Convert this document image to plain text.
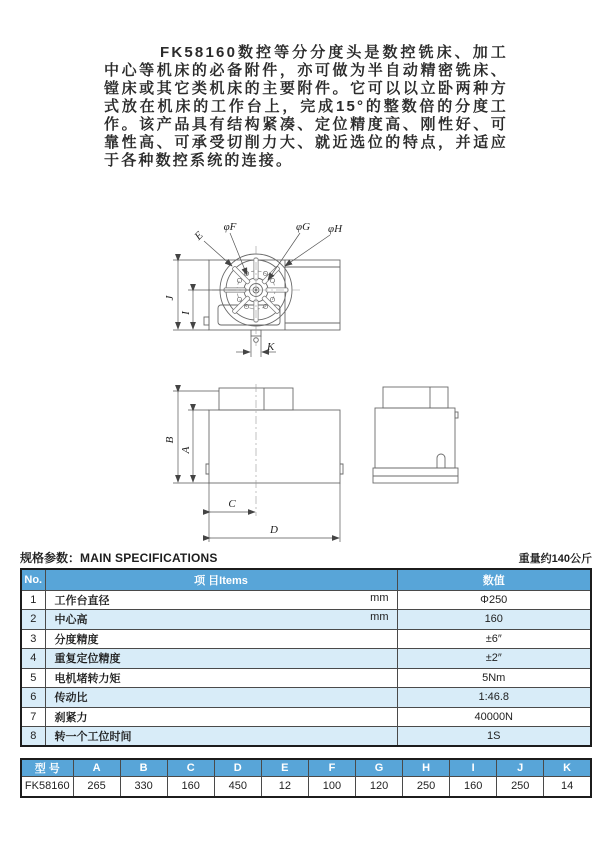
FK58160数控等分分度头是数控铣床、加工中心等机床的必备附件，亦可做为半自动精密铣床、镗床或其它类机床的主要附件。它可以以立卧两种方式放在机床的工作台上，完成15°的整数倍的分度工作。该产品具有结构紧凑、定位精度高、刚性好、可靠性高、可承受切削力大、就近选位的特点，并适应于各种数控系统的连接。

E
φF	φG φH
J
I
K
B
A
C
D
规格参数：MAIN SPECIFICATIONS	重量约140公斤
No.	项 目Items	数值
1	工作台直径 mm	Φ250
2	中心高 mm	160
3	分度精度	±6″
4	重复定位精度	±2″
5	电机堵转力矩	5Nm
6	传动比	1:46.8
7	刹紧力	40000N
8	转一个工位时间	1S
型 号	A	B	C	D	E	F	G	H	I	J	K
FK58160	265	330	160	450	12	100	120	250	160	250	14
